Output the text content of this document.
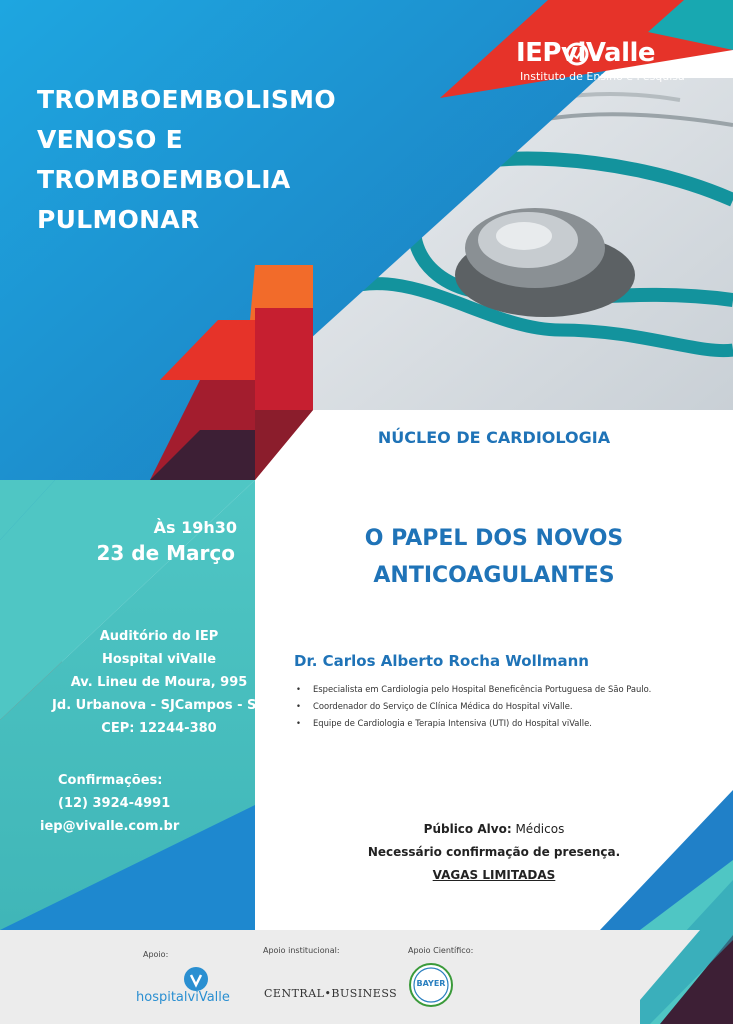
IEPviValle
Instituto de Ensino e Pesquisa
TROMBOEMBOLISMO
VENOSO E
TROMBOEMBOLIA
PULMONAR
NÚCLEO DE CARDIOLOGIA
O PAPEL DOS NOVOS
ANTICOAGULANTES
Às 19h30
23 de Março
Auditório do IEP
Hospital viValle
Av. Lineu de Moura, 995
Jd. Urbanova - SJCampos - SP
CEP: 12244-380
Confirmações:
(12) 3924-4991
iep@vivalle.com.br
Dr. Carlos Alberto Rocha Wollmann
• Especialista em Cardiologia pelo Hospital Beneficência Portuguesa de São Paulo.
• Coordenador do Serviço de Clínica Médica do Hospital viValle.
• Equipe de Cardiologia e Terapia Intensiva (UTI) do Hospital viValle.
Público Alvo: Médicos
Necessário confirmação de presença.
VAGAS LIMITADAS
Apoio:	Apoio institucional:	Apoio Científico:
hospitalviValle	CENTRAL•BUSINESS
BAYER
